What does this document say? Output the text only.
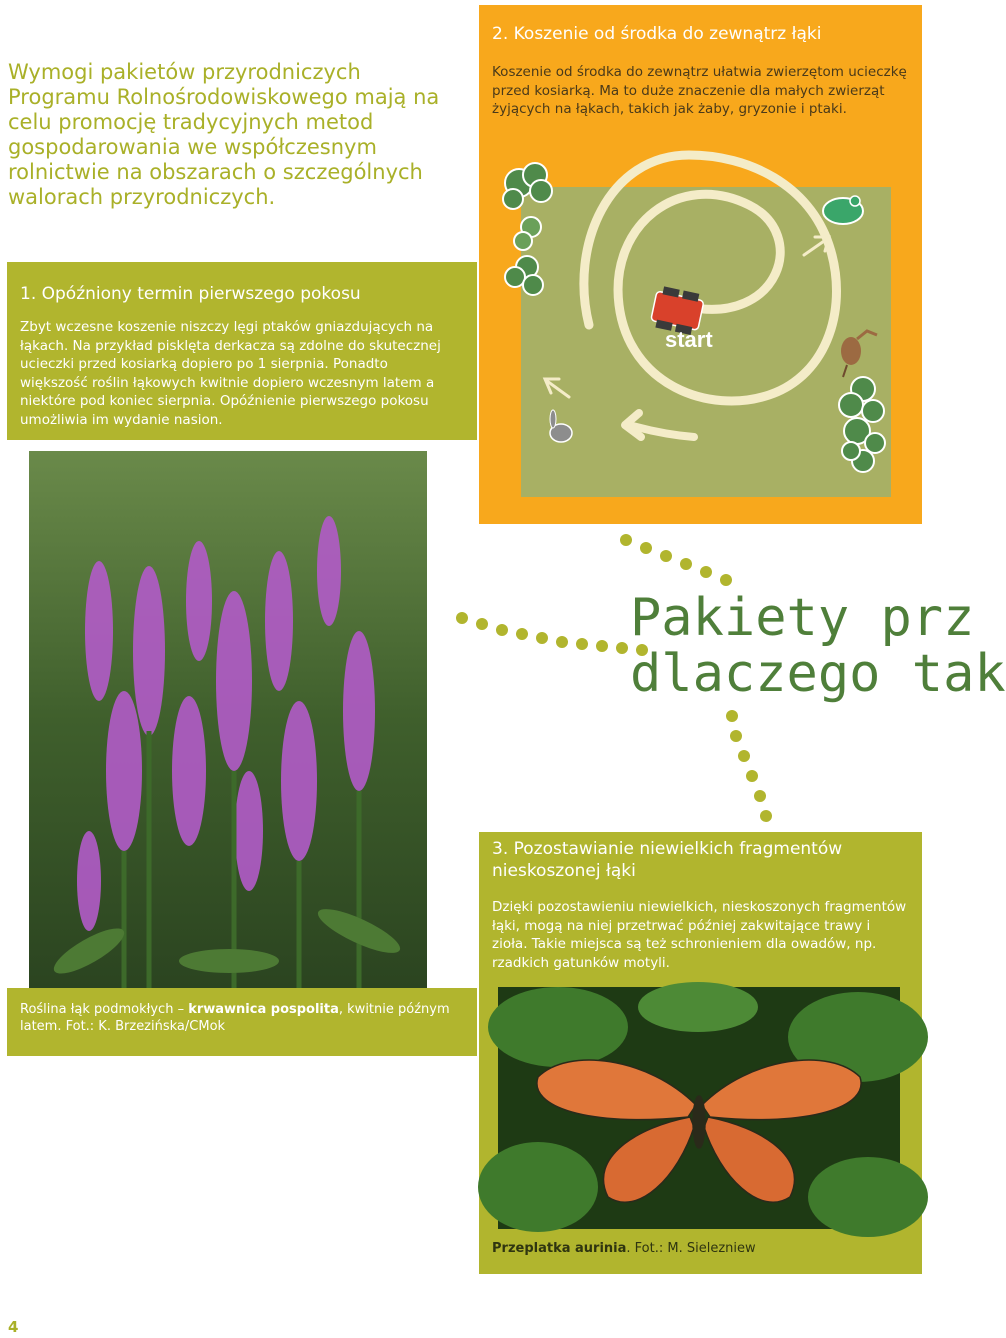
Wymogi pakietów przyrodniczych Programu Rolnośrodowiskowego mają na celu promocję tradycyjnych metod gospodarowania we współczesnym rolnictwie na obszarach o szczególnych walorach przyrodniczych.
2. Koszenie od środka do zewnątrz łąki
Koszenie od środka do zewnątrz ułatwia zwierzętom ucieczkę przed kosiarką. Ma to duże znaczenie dla małych zwierząt żyjących na łąkach, takich jak żaby, gryzonie i ptaki.
start
1. Opóźniony termin pierwszego pokosu
Zbyt wczesne koszenie niszczy lęgi ptaków gniazdujących na łąkach. Na przykład pisklęta derkacza są zdolne do skutecznej ucieczki przed kosiarką dopiero po 1 sierpnia. Ponadto większość roślin łąkowych kwitnie dopiero wczesnym latem a niektóre pod koniec sierpnia. Opóźnienie pierwszego pokosu umożliwia im wydanie nasion.
Roślina łąk podmokłych – krwawnica pospolita, kwitnie późnym latem. Fot.: K. Brzezińska/CMok
Pakiety prz
dlaczego tak
3. Pozostawianie niewielkich fragmentów nieskoszonej łąki
Dzięki pozostawieniu niewielkich, nieskoszonych fragmentów łąki, mogą na niej przetrwać później zakwitające trawy i zioła. Takie miejsca są też schronieniem dla owadów, np. rzadkich gatunków motyli.
Przeplatka aurinia. Fot.: M. Sielezniew
4
